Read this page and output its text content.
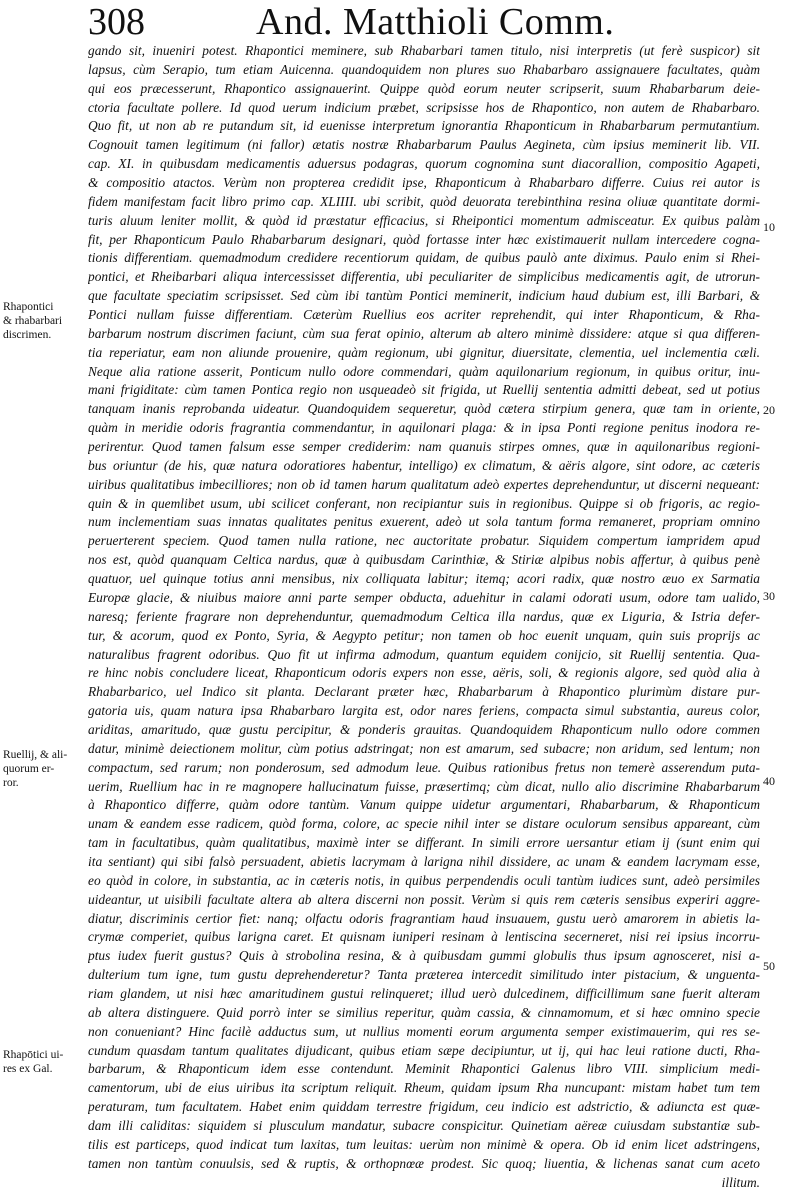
308	And. Matthioli Comm.
gando sit, inueniri potest. Rhapontici meminere, sub Rhabarbari tamen titulo, nisi interpretis (ut ferè suspicor) sit
lapsus, cùm Serapio, tum etiam Auicenna. quandoquidem non plures suo Rhabarbaro assignauere facultates, quàm
qui eos præcesserunt, Rhapontico assignauerint. Quippe quòd eorum neuter scripserit, suum Rhabarbarum deie-
ctoria facultate pollere. Id quod uerum indicium præbet, scripsisse hos de Rhapontico, non autem de Rhabarbaro.
Quo fit, ut non ab re putandum sit, id euenisse interpretum ignorantia Rhaponticum in Rhabarbarum permutantium.
Cognouit tamen legitimum (ni fallor) ætatis nostræ Rhabarbarum Paulus Aegineta, cùm ipsius meminerit lib. VII.
cap. XI. in quibusdam medicamentis aduersus podagras, quorum cognomina sunt diacorallion, compositio Agapeti,
& compositio atactos. Verùm non propterea credidit ipse, Rhaponticum à Rhabarbaro differre. Cuius rei autor is
fidem manifestam facit libro primo cap. XLIIII. ubi scribit, quòd deuorata terebinthina resina oliuæ quantitate dormi-
turis aluum leniter mollit, & quòd id præstatur efficacius, si Rheipontici momentum admisceatur. Ex quibus palàm
fit, per Rhaponticum Paulo Rhabarbarum designari, quòd fortasse inter hæc existimauerit nullam intercedere cogna-
tionis differentiam. quemadmodum credidere recentiorum quidam, de quibus paulò ante diximus. Paulo enim si Rhei-
pontici, et Rheibarbari aliqua intercessisset differentia, ubi peculiariter de simplicibus medicamentis agit, de utrorun-
que facultate speciatim scripsisset. Sed cùm ibi tantùm Pontici meminerit, indicium haud dubium est, illi Barbari, &
Pontici nullam fuisse differentiam. Cæterùm Ruellius eos acriter reprehendit, qui inter Rhaponticum, & Rha-
barbarum nostrum discrimen faciunt, cùm sua ferat opinio, alterum ab altero minimè dissidere: atque si qua differen-
tia reperiatur, eam non aliunde prouenire, quàm regionum, ubi gignitur, diuersitate, clementia, uel inclementia cæli.
Neque alia ratione asserit, Ponticum nullo odore commendari, quàm aquilonarium regionum, in quibus oritur, inu-
mani frigiditate: cùm tamen Pontica regio non usqueadeò sit frigida, ut Ruellij sententia admitti debeat, sed ut potius
tanquam inanis reprobanda uideatur. Quandoquidem sequeretur, quòd cætera stirpium genera, quæ tam in oriente,
quàm in meridie odoris fragrantia commendantur, in aquilonari plaga: & in ipsa Ponti regione penitus inodora re-
perirentur. Quod tamen falsum esse semper crediderim: nam quanuis stirpes omnes, quæ in aquilonaribus regioni-
bus oriuntur (de his, quæ natura odoratiores habentur, intelligo) ex climatum, & aëris algore, sint odore, ac cæteris
uiribus qualitatibus imbecilliores; non ob id tamen harum qualitatum adeò expertes deprehenduntur, ut discerni nequeant:
quin & in quemlibet usum, ubi scilicet conferant, non recipiantur suis in regionibus. Quippe si ob frigoris, ac regio-
num inclementiam suas innatas qualitates penitus exuerent, adeò ut sola tantum forma remaneret, propriam omnino
peruerterent speciem. Quod tamen nulla ratione, nec auctoritate probatur. Siquidem compertum iampridem apud
nos est, quòd quanquam Celtica nardus, quæ à quibusdam Carinthiæ, & Stiriæ alpibus nobis affertur, à quibus penè
quatuor, uel quinque totius anni mensibus, nix colliquata labitur; itemq; acori radix, quæ nostro æuo ex Sarmatia
Europæ glacie, & niuibus maiore anni parte semper obducta, aduehitur in calami odorati usum, odore tam ualido,
naresq; feriente fragrare non deprehenduntur, quemadmodum Celtica illa nardus, quæ ex Liguria, & Istria defer-
tur, & acorum, quod ex Ponto, Syria, & Aegypto petitur; non tamen ob hoc euenit unquam, quin suis proprijs ac
naturalibus fragrent odoribus. Quo fit ut infirma admodum, quantum equidem conijcio, sit Ruellij sententia. Qua-
re hinc nobis concludere liceat, Rhaponticum odoris expers non esse, aëris, soli, & regionis algore, sed quòd alia à
Rhabarbarico, uel Indico sit planta. Declarant præter hæc, Rhabarbarum à Rhapontico plurimùm distare pur-
gatoria uis, quam natura ipsa Rhabarbaro largita est, odor nares feriens, compacta simul substantia, aureus color,
ariditas, amaritudo, quæ gustu percipitur, & ponderis grauitas. Quandoquidem Rhaponticum nullo odore commen
datur, minimè deiectionem molitur, cùm potius adstringat; non est amarum, sed subacre; non aridum, sed lentum; non
compactum, sed rarum; non ponderosum, sed admodum leue. Quibus rationibus fretus non temerè asserendum puta-
uerim, Ruellium hac in re magnopere hallucinatum fuisse, præsertimq; cùm dicat, nullo alio discrimine Rhabarbarum
à Rhapontico differre, quàm odore tantùm. Vanum quippe uidetur argumentari, Rhabarbarum, & Rhaponticum
unam & eandem esse radicem, quòd forma, colore, ac specie nihil inter se distare oculorum sensibus appareant, cùm
tam in facultatibus, quàm qualitatibus, maximè inter se differant. In simili errore uersantur etiam ij (sunt enim qui
ita sentiant) qui sibi falsò persuadent, abietis lacrymam à larigna nihil dissidere, ac unam & eandem lacrymam esse,
eo quòd in colore, in substantia, ac in cæteris notis, in quibus perpendendis oculi tantùm iudices sunt, adeò persimiles
uideantur, ut uisibili facultate altera ab altera discerni non possit. Verùm si quis rem cæteris sensibus experiri aggre-
diatur, discriminis certior fiet: nanq; olfactu odoris fragrantiam haud insuauem, gustu uerò amarorem in abietis la-
crymæ comperiet, quibus larigna caret. Et quisnam iuniperi resinam à lentiscina secerneret, nisi rei ipsius incorru-
ptus iudex fuerit gustus? Quis à strobolina resina, & à quibusdam gummi globulis thus ipsum agnosceret, nisi a-
dulterium tum igne, tum gustu deprehenderetur? Tanta præterea intercedit similitudo inter pistacium, & unguenta-
riam glandem, ut nisi hæc amaritudinem gustui relinqueret; illud uerò dulcedinem, difficillimum sane fuerit alteram
ab altera distinguere. Quid porrò inter se similius reperitur, quàm cassia, & cinnamomum, et si hæc omnino specie
non conueniant? Hinc facilè adductus sum, ut nullius momenti eorum argumenta semper existimauerim, qui res se-
cundum quasdam tantum qualitates dijudicant, quibus etiam sæpe decipiuntur, ut ij, qui hac leui ratione ducti, Rha-
barbarum, & Rhaponticum idem esse contendunt. Meminit Rhapontici Galenus libro VIII. simplicium medi-
camentorum, ubi de eius uiribus ita scriptum reliquit. Rheum, quidam ipsum Rha nuncupant: mistam habet tum tem
peraturam, tum facultatem. Habet enim quiddam terrestre frigidum, ceu indicio est adstrictio, & adiuncta est quæ-
dam illi caliditas: siquidem si plusculum mandatur, subacre conspicitur. Quinetiam aëreæ cuiusdam substantiæ sub-
tilis est particeps, quod indicat tum laxitas, tum leuitas: uerùm non minimè & opera. Ob id enim licet adstringens,
tamen non tantùm conuulsis, sed & ruptis, & orthopnœæ prodest. Sic quoq; liuentia, & lichenas sanat cum aceto
illitum.
Rhapontici
& rhabarbari
discrimen.
Ruellij, & ali-
quorum er-
ror.
Rhapōtici ui-
res ex Gal.
10
20
30
40
50
